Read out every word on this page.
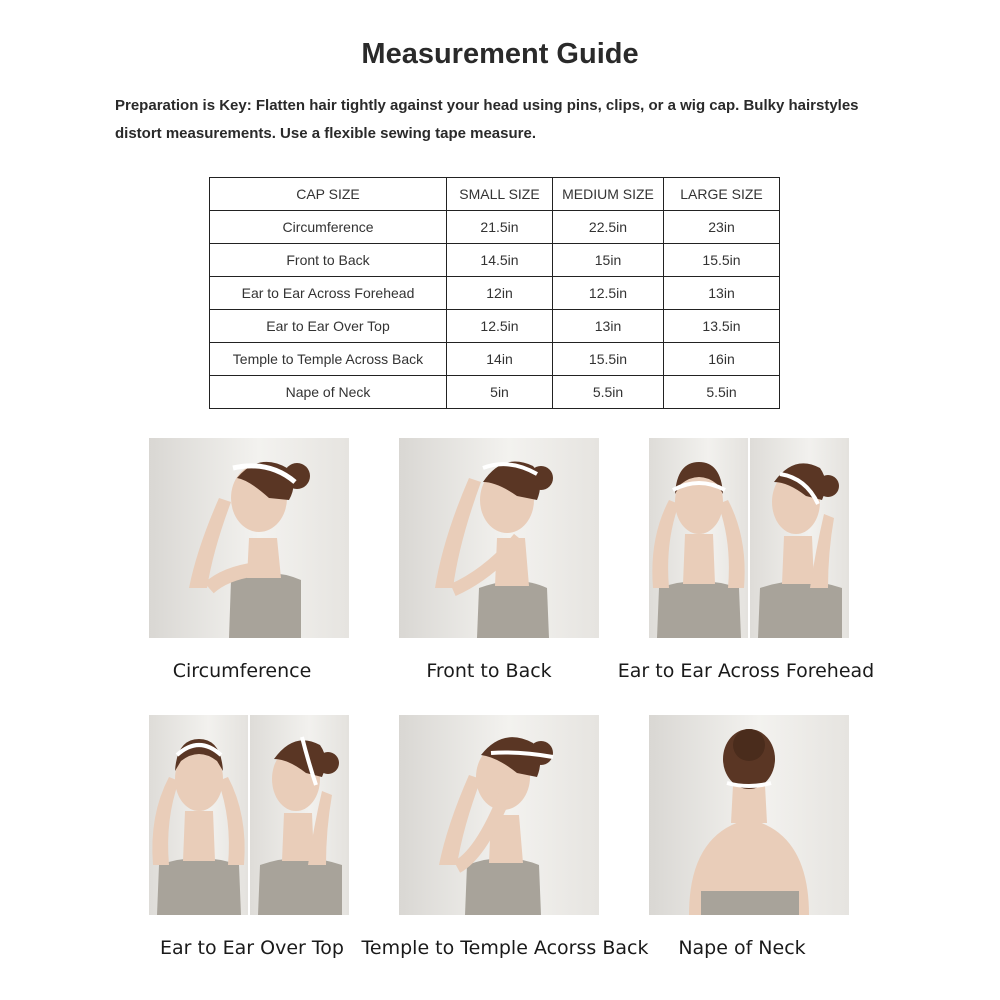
Measurement Guide
Preparation is Key: Flatten hair tightly against your head using pins, clips, or a wig cap. Bulky hairstyles distort measurements. Use a flexible sewing tape measure.
CAP SIZE	SMALL SIZE	MEDIUM SIZE	LARGE SIZE
Circumference	21.5in	22.5in	23in
Front to Back	14.5in	15in	15.5in
Ear to Ear Across Forehead	12in	12.5in	13in
Ear to Ear Over Top	12.5in	13in	13.5in
Temple to Temple Across Back	14in	15.5in	16in
Nape of Neck	5in	5.5in	5.5in
Circumference	Front to Back	Ear to Ear Across Forehead
Ear to Ear Over Top Temple to Temple Acorss Back	Nape of Neck
